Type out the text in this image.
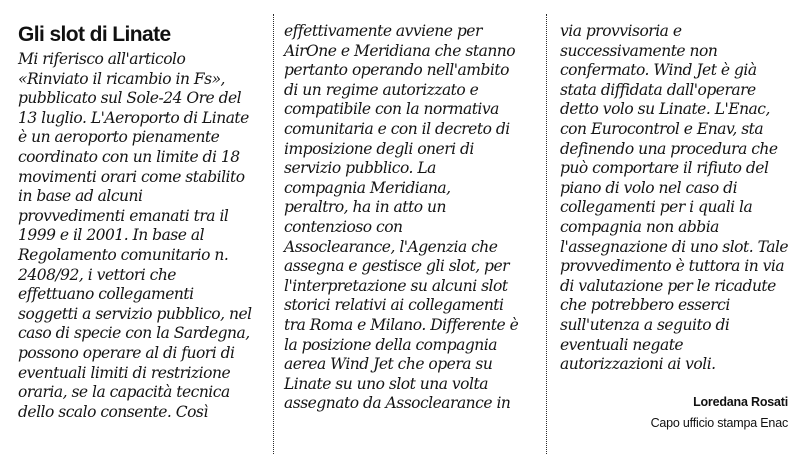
Gli slot di Linate
Mi riferisco all'articolo
«Rinviato il ricambio in Fs»,
pubblicato sul Sole-24 Ore del
13 luglio. L'Aeroporto di Linate
è un aeroporto pienamente
coordinato con un limite di 18
movimenti orari come stabilito
in base ad alcuni
provvedimenti emanati tra il
1999 e il 2001. In base al
Regolamento comunitario n.
2408/92, i vettori che
effettuano collegamenti
soggetti a servizio pubblico, nel
caso di specie con la Sardegna,
possono operare al di fuori di
eventuali limiti di restrizione
oraria, se la capacità tecnica
dello scalo consente. Così
effettivamente avviene per
AirOne e Meridiana che stanno
pertanto operando nell'ambito
di un regime autorizzato e
compatibile con la normativa
comunitaria e con il decreto di
imposizione degli oneri di
servizio pubblico. La
compagnia Meridiana,
peraltro, ha in atto un
contenzioso con
Assoclearance, l'Agenzia che
assegna e gestisce gli slot, per
l'interpretazione su alcuni slot
storici relativi ai collegamenti
tra Roma e Milano. Differente è
la posizione della compagnia
aerea Wind Jet che opera su
Linate su uno slot una volta
assegnato da Assoclearance in
via provvisoria e
successivamente non
confermato. Wind Jet è già
stata diffidata dall'operare
detto volo su Linate. L'Enac,
con Eurocontrol e Enav, sta
definendo una procedura che
può comportare il rifiuto del
piano di volo nel caso di
collegamenti per i quali la
compagnia non abbia
l'assegnazione di uno slot. Tale
provvedimento è tuttora in via
di valutazione per le ricadute
che potrebbero esserci
sull'utenza a seguito di
eventuali negate
autorizzazioni ai voli.
Loredana Rosati
Capo ufficio stampa Enac
